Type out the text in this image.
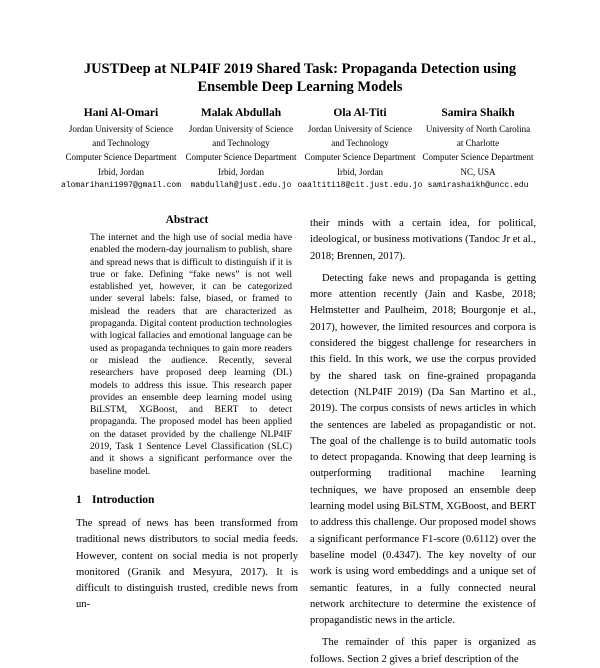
JUSTDeep at NLP4IF 2019 Shared Task: Propaganda Detection using
Ensemble Deep Learning Models
Hani Al-Omari
Jordan University of Science
and Technology
Computer Science Department
Irbid, Jordan
alomarihani1997@gmail.com
Malak Abdullah
Jordan University of Science
and Technology
Computer Science Department
Irbid, Jordan
mabdullah@just.edu.jo
Ola Al-Titi
Jordan University of Science
and Technology
Computer Science Department
Irbid, Jordan
oaaltiti18@cit.just.edu.jo
Samira Shaikh
University of North Carolina
at Charlotte
Computer Science Department
NC, USA
samirashaikh@uncc.edu
Abstract
The internet and the high use of social media have enabled the modern-day journalism to publish, share and spread news that is difficult to distinguish if it is true or fake. Defining “fake news” is not well established yet, however, it can be categorized under several labels: false, biased, or framed to mislead the readers that are characterized as propaganda. Digital content production technologies with logical fallacies and emotional language can be used as propaganda techniques to gain more readers or mislead the audience. Recently, several researchers have proposed deep learning (DL) models to address this issue. This research paper provides an ensemble deep learning model using BiLSTM, XGBoost, and BERT to detect propaganda. The proposed model has been applied on the dataset provided by the challenge NLP4IF 2019, Task 1 Sentence Level Classification (SLC) and it shows a significant performance over the baseline model.
1 Introduction
The spread of news has been transformed from traditional news distributors to social media feeds. However, content on social media is not properly monitored (Granik and Mesyura, 2017). It is difficult to distinguish trusted, credible news from un-

their minds with a certain idea, for political, ideological, or business motivations (Tandoc Jr et al., 2018; Brennen, 2017).

Detecting fake news and propaganda is getting more attention recently (Jain and Kasbe, 2018; Helmstetter and Paulheim, 2018; Bourgonje et al., 2017), however, the limited resources and corpora is considered the biggest challenge for researchers in this field. In this work, we use the corpus provided by the shared task on fine-grained propaganda detection (NLP4IF 2019) (Da San Martino et al., 2019). The corpus consists of news articles in which the sentences are labeled as propagandistic or not. The goal of the challenge is to build automatic tools to detect propaganda. Knowing that deep learning is outperforming traditional machine learning techniques, we have proposed an ensemble deep learning model using BiLSTM, XGBoost, and BERT to address this challenge. Our proposed model shows a significant performance F1-score (0.6112) over the baseline model (0.4347). The key novelty of our work is using word embeddings and a unique set of semantic features, in a fully connected neural network architecture to determine the existence of propagandistic news in the article.

The remainder of this paper is organized as follows. Section 2 gives a brief description of the
